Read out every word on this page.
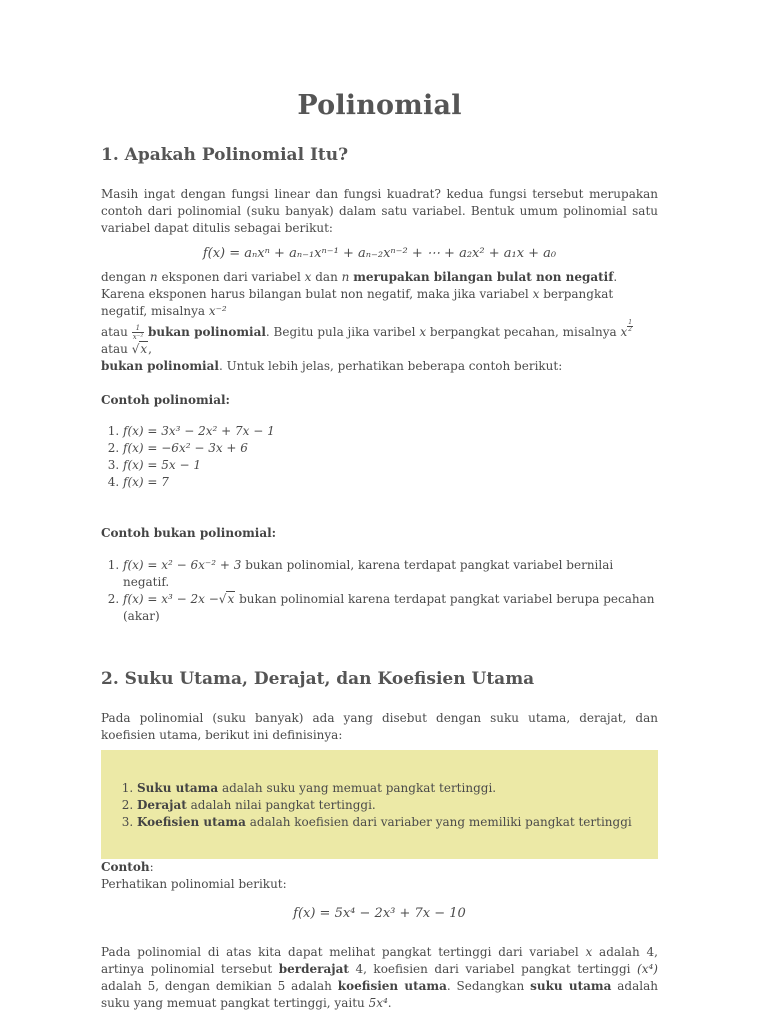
Polinomial
1. Apakah Polinomial Itu?

Masih ingat dengan fungsi linear dan fungsi kuadrat? kedua fungsi tersebut merupakan contoh dari polinomial (suku banyak) dalam satu variabel. Bentuk umum polinomial satu variabel dapat ditulis sebagai berikut:

f(x) = aₙxⁿ + aₙ₋₁xⁿ⁻¹ + aₙ₋₂xⁿ⁻² + ⋯ + a₂x² + a₁x + a₀

dengan n eksponen dari variabel x dan n merupakan bilangan bulat non negatif.
Karena eksponen harus bilangan bulat non negatif, maka jika variabel x berpangkat negatif, misalnya x⁻²
atau $\frac{1}{\text{x⁻²}}$ bukan polinomial. Begitu pula jika varibel x berpangkat pecahan, misalnya x $^{\frac{1}{2}}$
atau √x,
bukan polinomial. Untuk lebih jelas, perhatikan beberapa contoh berikut:

Contoh polinomial:

1. f(x) = 3x³ − 2x² + 7x − 1
2. f(x) = −6x² − 3x + 6
3. f(x) = 5x − 1
4. f(x) = 7

Contoh bukan polinomial:

1. f(x) = x² − 6x⁻² + 3 bukan polinomial, karena terdapat pangkat variabel bernilai negatif.
2. f(x) = x³ − 2x −√x bukan polinomial karena terdapat pangkat variabel berupa pecahan (akar)
2. Suku Utama, Derajat, dan Koefisien Utama

Pada polinomial (suku banyak) ada yang disebut dengan suku utama, derajat, dan koefisien utama, berikut ini definisinya:

1. Suku utama adalah suku yang memuat pangkat tertinggi.
2. Derajat adalah nilai pangkat tertinggi.
3. Koefisien utama adalah koefisien dari variaber yang memiliki pangkat tertinggi

Contoh:

Perhatikan polinomial berikut:

f(x) = 5x⁴ − 2x³ + 7x − 10

Pada polinomial di atas kita dapat melihat pangkat tertinggi dari variabel x adalah 4, artinya polinomial tersebut berderajat 4, koefisien dari variabel pangkat tertinggi (x⁴) adalah 5, dengan demikian 5 adalah koefisien utama. Sedangkan suku utama adalah suku yang memuat pangkat tertinggi, yaitu 5x⁴.
